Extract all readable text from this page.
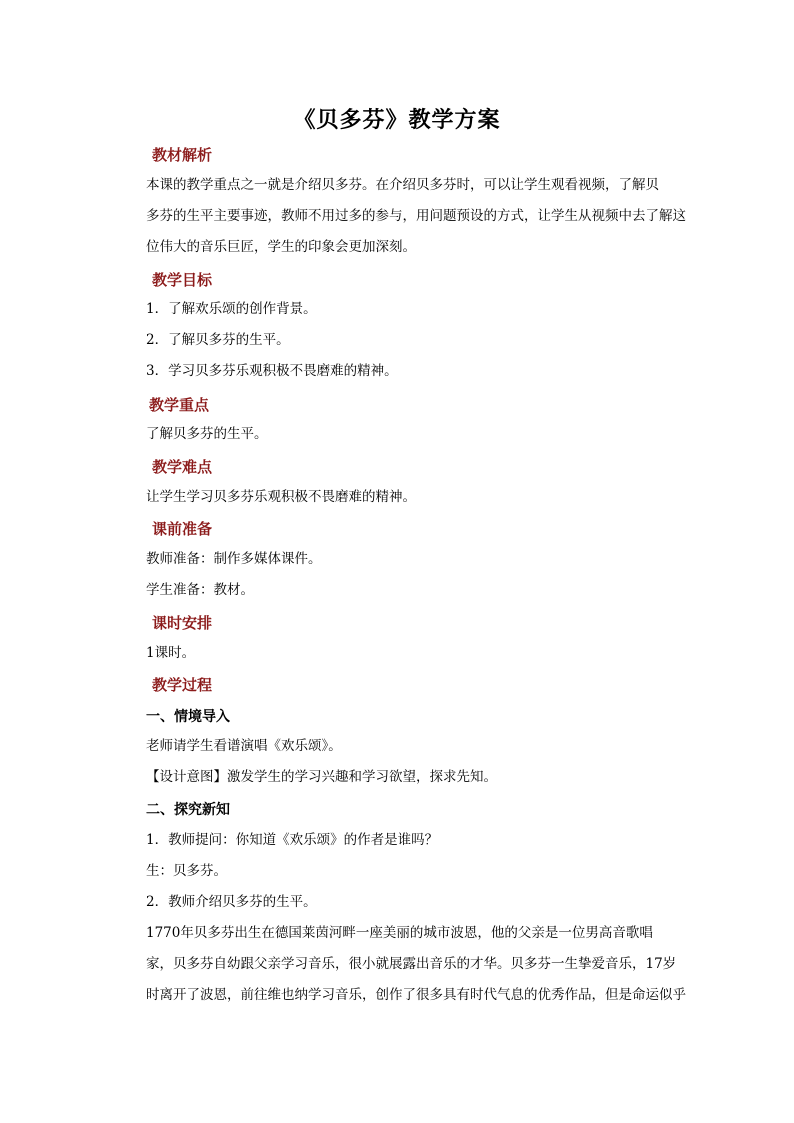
《贝多芬》教学方案
教材解析
本课的教学重点之一就是介绍贝多芬。在介绍贝多芬时，可以让学生观看视频，了解贝
多芬的生平主要事迹，教师不用过多的参与，用问题预设的方式，让学生从视频中去了解这
位伟大的音乐巨匠，学生的印象会更加深刻。
教学目标
1．了解欢乐颂的创作背景。
2．了解贝多芬的生平。
3．学习贝多芬乐观积极不畏磨难的精神。
教学重点
了解贝多芬的生平。
教学难点
让学生学习贝多芬乐观积极不畏磨难的精神。
课前准备
教师准备：制作多媒体课件。
学生准备：教材。
课时安排
1课时。
教学过程
一、情境导入
老师请学生看谱演唱《欢乐颂》。
【设计意图】激发学生的学习兴趣和学习欲望，探求先知。
二、探究新知
1．教师提问：你知道《欢乐颂》的作者是谁吗？
生：贝多芬。
2．教师介绍贝多芬的生平。
1770年贝多芬出生在德国莱茵河畔一座美丽的城市波恩，他的父亲是一位男高音歌唱
家，贝多芬自幼跟父亲学习音乐，很小就展露出音乐的才华。贝多芬一生挚爱音乐，17岁
时离开了波恩，前往维也纳学习音乐，创作了很多具有时代气息的优秀作品，但是命运似乎
